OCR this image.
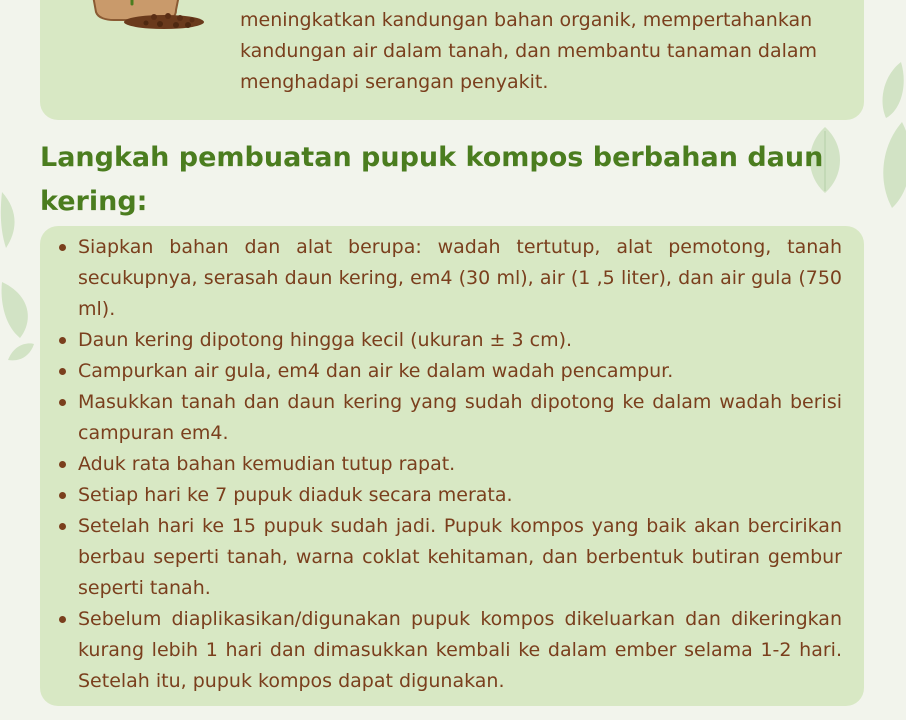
meningkatkan kandungan bahan organik, mempertahankan

kandungan air dalam tanah, dan membantu tanaman dalam

menghadapi serangan penyakit.

Langkah pembuatan pupuk kompos berbahan daun kering:
Siapkan bahan dan alat berupa: wadah tertutup, alat pemotong, tanah secukupnya, serasah daun kering, em4 (30 ml), air (1 ,5 liter), dan air gula (750 ml).
Daun kering dipotong hingga kecil (ukuran ± 3 cm).
Campurkan air gula, em4 dan air ke dalam wadah pencampur.
Masukkan tanah dan daun kering yang sudah dipotong ke dalam wadah berisi campuran em4.
Aduk rata bahan kemudian tutup rapat.
Setiap hari ke 7 pupuk diaduk secara merata.
Setelah hari ke 15 pupuk sudah jadi. Pupuk kompos yang baik akan bercirikan berbau seperti tanah, warna coklat kehitaman, dan berbentuk butiran gembur seperti tanah.
Sebelum diaplikasikan/digunakan pupuk kompos dikeluarkan dan dikeringkan kurang lebih 1 hari dan dimasukkan kembali ke dalam ember selama 1-2 hari. Setelah itu, pupuk kompos dapat digunakan.
